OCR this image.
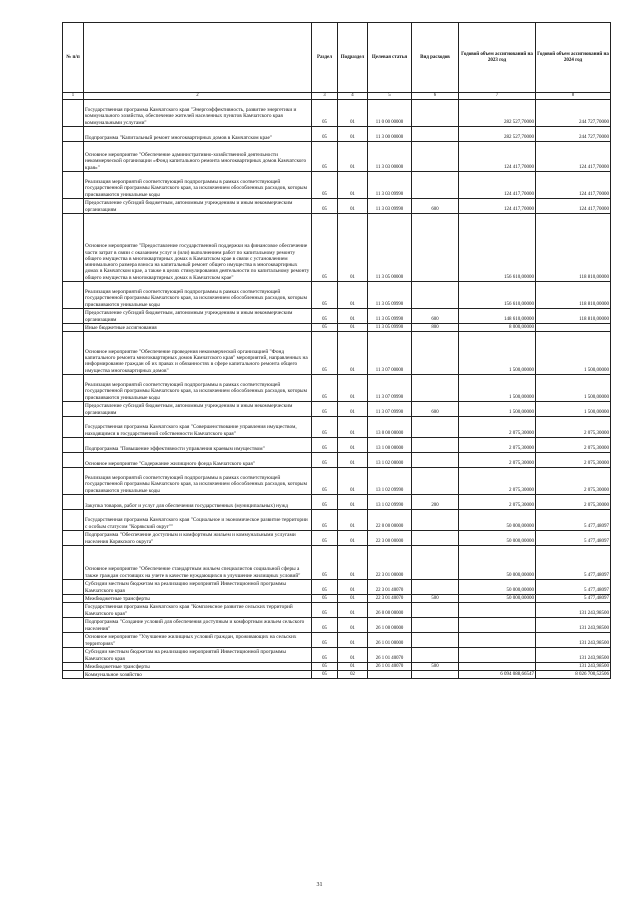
№ п/п		Раздел	Подраздел	Целевая статья	Вид расходов	Годовой объем ассигнований на 2023 год	Годовой объем ассигнований на 2024 год
1	2	3	4	5	6	7	8
	Государственная программа Камчатского края "Энергоэффективность, развитие энергетики и коммунального хозяйства, обеспечение жителей населенных пунктов Камчатского края коммунальными услугами"	05	01	11 0 00 00000		282 527,70000	244 727,70000
	Подпрограмма "Капитальный ремонт многоквартирных домов в Камчатском крае"	05	01	11 3 00 00000		282 527,70000	244 727,70000
	Основное мероприятие "Обеспечение административно-хозяйственной деятельности некоммерческой организации «Фонд капитального ремонта многоквартирных домов Камчатского края»"	05	01	11 3 03 00000		124 417,70000	124 417,70000
	Реализация мероприятий соответствующей подпрограммы в рамках соответствующей государственной программы Камчатского края, за исключением обособленных расходов, которым присваиваются уникальные коды	05	01	11 3 03 09990		124 417,70000	124 417,70000
	Предоставление субсидий бюджетным, автономным учреждениям и иным некоммерческим организациям	05	01	11 3 03 09990	600	124 417,70000	124 417,70000
	Основное мероприятие "Предоставление государственной поддержки на финансовое обеспечение части затрат в связи с оказанием услуг и (или) выполнением работ по капитальному ремонту общего имущества в многоквартирных домах в Камчатском крае в связи с установлением минимального размера взноса на капитальный ремонт общего имущества в многоквартирных домах в Камчатском крае, а также в целях стимулирования деятельности по капитальному ремонту общего имущества в многоквартирных домах в Камчатском крае"	05	01	11 3 05 00000		156 610,00000	118 810,00000
	Реализация мероприятий соответствующей подпрограммы в рамках соответствующей государственной программы Камчатского края, за исключением обособленных расходов, которым присваиваются уникальные коды	05	01	11 3 05 09990		156 610,00000	118 810,00000
	Предоставление субсидий бюджетным, автономным учреждениям и иным некоммерческим организациям	05	01	11 3 05 09990	600	148 610,00000	118 810,00000
	Иные бюджетные ассигнования	05	01	11 3 05 09990	800	8 000,00000	
	Основное мероприятие "Обеспечение проведения некоммерческой организацией "Фонд капитального ремонта многоквартирных домов Камчатского края" мероприятий, направленных на информирование граждан об их правах и обязанностях в сфере капитального ремонта общего имущества многоквартирных домов"	05	01	11 3 07 00000		1 500,00000	1 500,00000
	Реализация мероприятий соответствующей подпрограммы в рамках соответствующей государственной программы Камчатского края, за исключением обособленных расходов, которым присваиваются уникальные коды	05	01	11 3 07 09990		1 500,00000	1 500,00000
	Предоставление субсидий бюджетным, автономным учреждениям и иным некоммерческим организациям	05	01	11 3 07 09990	600	1 500,00000	1 500,00000
	Государственная программа Камчатского края "Совершенствование управления имуществом, находящимся в государственной собственности Камчатского края"	05	01	13 0 00 00000		2 075,30000	2 075,30000
	Подпрограмма "Повышение эффективности управления краевым имуществом"	05	01	13 1 00 00000		2 075,30000	2 075,30000
	Основное мероприятие "Содержание жилищного фонда Камчатского края"	05	01	13 1 02 00000		2 075,30000	2 075,30000
	Реализация мероприятий соответствующей подпрограммы в рамках соответствующей государственной программы Камчатского края, за исключением обособленных расходов, которым присваиваются уникальные коды	05	01	13 1 02 09990		2 075,30000	2 075,30000
	Закупка товаров, работ и услуг для обеспечения государственных (муниципальных) нужд	05	01	13 1 02 09990	200	2 075,30000	2 075,30000
	Государственная программа Камчатского края "Социальное и экономическое развитие территории с особым статусом "Корякский округ""	05	01	22 0 00 00000		50 000,00000	5 477,48097
	Подпрограмма "Обеспечение доступным и комфортным жильем и коммунальными услугами населения Корякского округа"	05	01	22 3 00 00000		50 000,00000	5 477,48097
	Основное мероприятие "Обеспечение стандартным жильем специалистов социальной сферы а также граждан состоящих на учете в качестве нуждающихся в улучшение жилищных условий"	05	01	22 3 01 00000		50 000,00000	5 477,48097
	Субсидии местным бюджетам на реализацию мероприятий Инвестиционной программы Камчатского края	05	01	22 3 01 40070		50 000,00000	5 477,48097
	Межбюджетные трансферты	05	01	22 3 01 40070	500	50 000,00000	5 477,48097
	Государственная программа Камчатского края "Комплексное развитие сельских территорий Камчатского края"	05	01	26 0 00 00000			131 243,98500
	Подпрограмма "Создание условий для обеспечения доступным и комфортным жильем сельского населения"	05	01	26 1 00 00000			131 243,98500
	Основное мероприятие "Улучшение жилищных условий граждан, проживающих на сельских территориях"	05	01	26 1 01 00000			131 243,98500
	Субсидии местным бюджетам на реализацию мероприятий Инвестиционной программы Камчатского края	05	01	26 1 01 40070			131 243,98500
	Межбюджетные трансферты	05	01	26 1 01 40070	500		131 243,98500
	Коммунальное хозяйство	05	02			6 094 088,66547	8 026 700,52506
31
